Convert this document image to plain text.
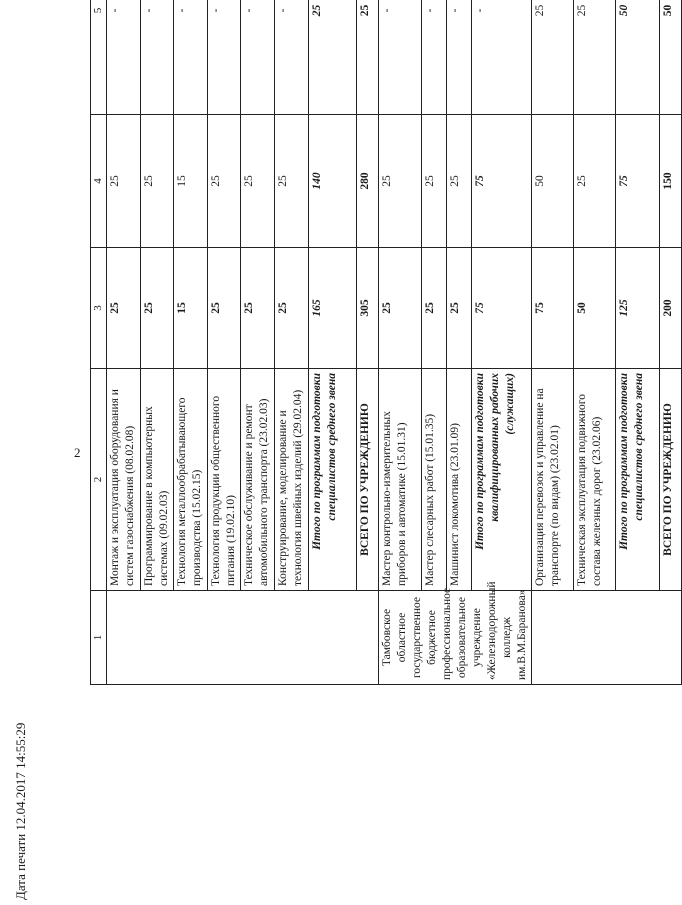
2
Дата печати 12.04.2017 14:55:29
1	2	3	4	5
	Монтаж и эксплуатация оборудования и систем газоснабжения (08.02.08)	25	25	-
	Программирование в компьютерных системах (09.02.03)	25	25	-
	Технология металлообрабатывающего производства (15.02.15)	15	15	-
	Технология продукции общественного питания (19.02.10)	25	25	-
	Техническое обслуживание и ремонт автомобильного транспорта (23.02.03)	25	25	-
	Конструирование, моделирование и технология швейных изделий (29.02.04)	25	25	-
	Итого по программам подготовки специалистов среднего звена	165	140	25
	ВСЕГО ПО УЧРЕЖДЕНИЮ	305	280	25
Тамбовское областное государственное бюджетное профессиональное образовательное учреждение «Железнодорожный колледж им.В.М.Баранова»	Мастер контрольно-измерительных приборов и автоматике (15.01.31)	25	25	-
	Мастер слесарных работ (15.01.35)	25	25	-
	Машинист локомотива (23.01.09)	25	25	-
	Итого по программам подготовки квалифицированных рабочих (служащих)	75	75	-
	Организация перевозок и управление на транспорте (по видам) (23.02.01)	75	50	25
	Техническая эксплуатация подвижного состава железных дорог (23.02.06)	50	25	25
	Итого по программам подготовки специалистов среднего звена	125	75	50
	ВСЕГО ПО УЧРЕЖДЕНИЮ	200	150	50
